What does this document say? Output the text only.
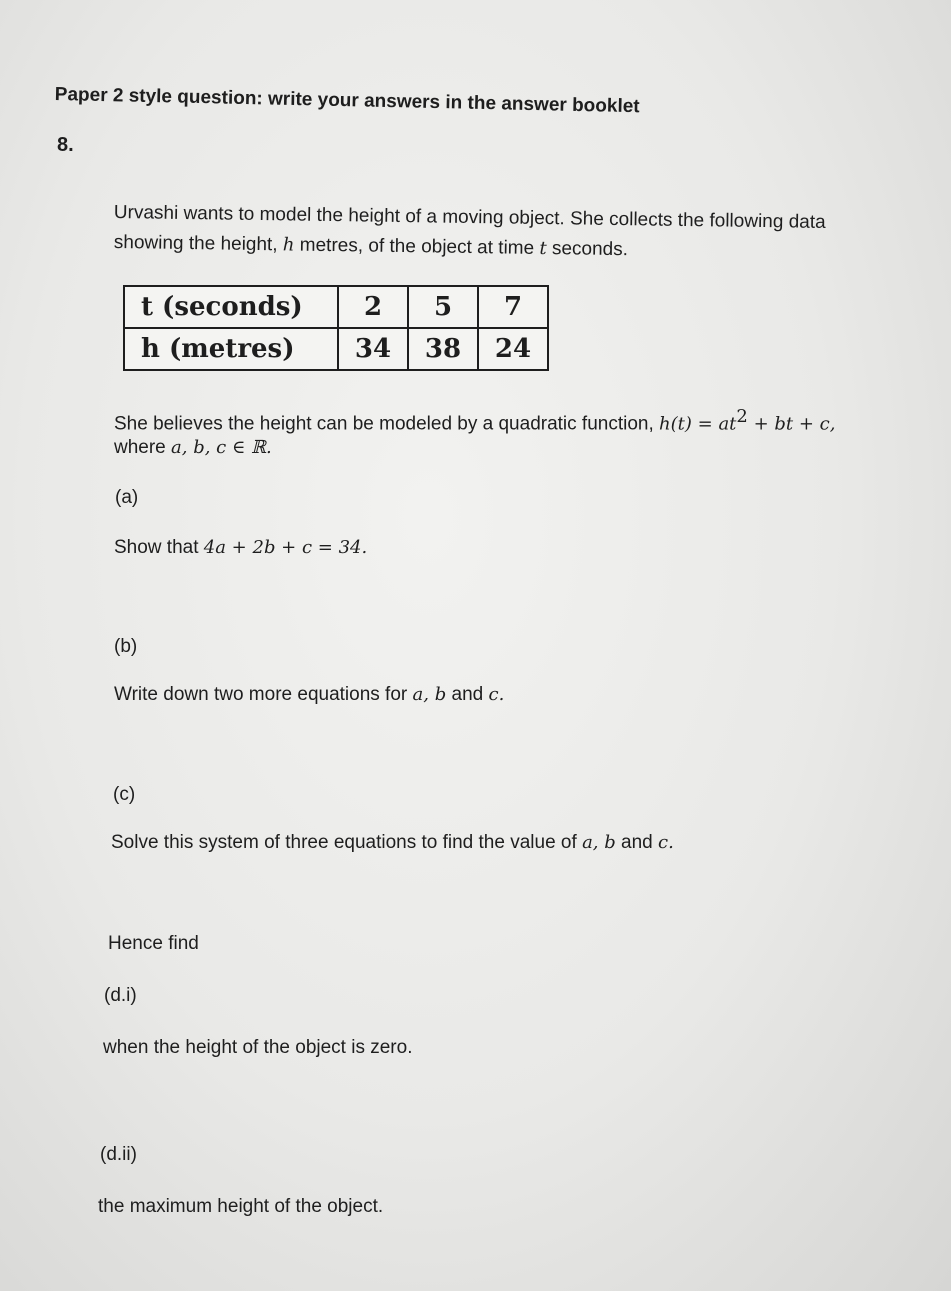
Paper 2 style question: write your answers in the answer booklet
8.
Urvashi wants to model the height of a moving object. She collects the following data
showing the height, h metres, of the object at time t seconds.
t (seconds)	2	5	7
h (metres)	34	38	24
She believes the height can be modeled by a quadratic function, $h(t) = at^2$ + bt + c,
where a, b, c ∈ ℝ.
(a)
Show that 4a + 2b + c = 34.
(b)
Write down two more equations for a, b and c.
(c)
Solve this system of three equations to find the value of a, b and c.
Hence find
(d.i)
when the height of the object is zero.
(d.ii)
the maximum height of the object.
